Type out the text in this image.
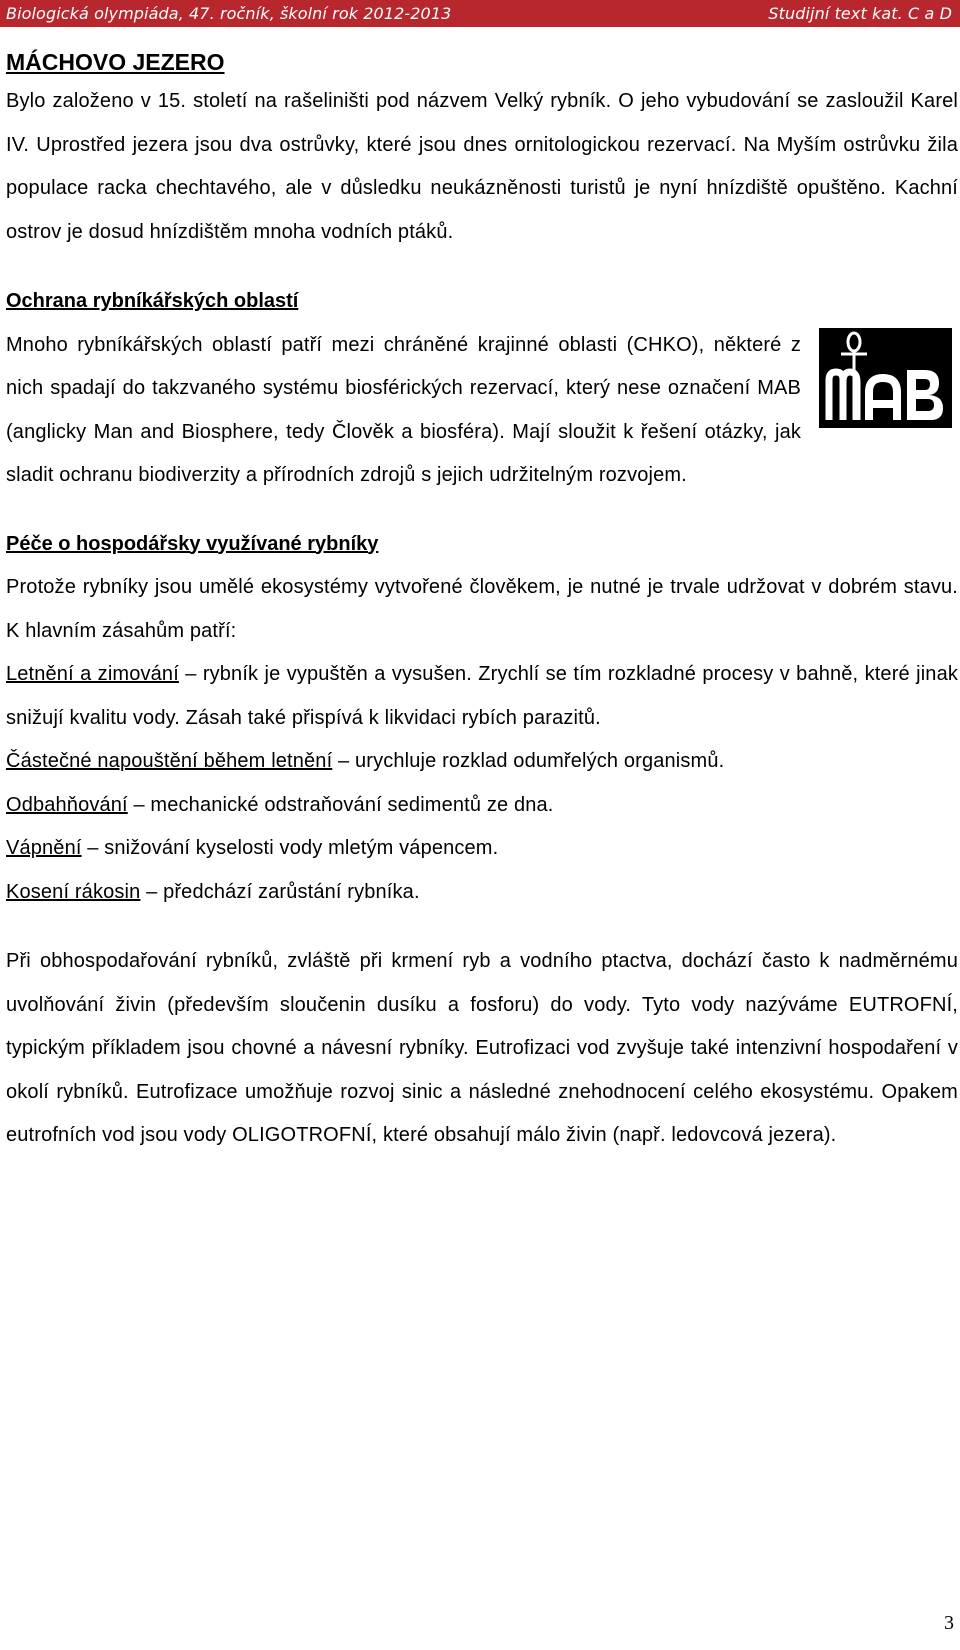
Biologická olympiáda, 47. ročník, školní rok 2012-2013	Studijní text kat. C a D
MÁCHOVO JEZERO

Bylo založeno v 15. století na rašeliništi pod názvem Velký rybník. O jeho vybudování se zasloužil Karel IV. Uprostřed jezera jsou dva ostrůvky, které jsou dnes ornitologickou rezervací. Na Myším ostrůvku žila populace racka chechtavého, ale v důsledku neukázněnosti turistů je nyní hnízdiště opuštěno. Kachní ostrov je dosud hnízdištěm mnoha vodních ptáků.

Ochrana rybníkářských oblastí

Mnoho rybníkářských oblastí patří mezi chráněné krajinné oblasti (CHKO), některé z nich spadají do takzvaného systému biosférických rezervací, který nese označení MAB (anglicky Man and Biosphere, tedy Člověk a biosféra). Mají sloužit k řešení otázky, jak sladit ochranu biodiverzity a přírodních zdrojů s jejich udržitelným rozvojem.

Péče o hospodářsky využívané rybníky

Protože rybníky jsou umělé ekosystémy vytvořené člověkem, je nutné je trvale udržovat v dobrém stavu. K hlavním zásahům patří:

Letnění a zimování – rybník je vypuštěn a vysušen. Zrychlí se tím rozkladné procesy v bahně, které jinak snižují kvalitu vody. Zásah také přispívá k likvidaci rybích parazitů.

Částečné napouštění během letnění – urychluje rozklad odumřelých organismů.

Odbahňování – mechanické odstraňování sedimentů ze dna.

Vápnění – snižování kyselosti vody mletým vápencem.

Kosení rákosin – předchází zarůstání rybníka.

Při obhospodařování rybníků, zvláště při krmení ryb a vodního ptactva, dochází často k nadměrnému uvolňování živin (především sloučenin dusíku a fosforu) do vody. Tyto vody nazýváme EUTROFNÍ, typickým příkladem jsou chovné a návesní rybníky. Eutrofizaci vod zvyšuje také intenzivní hospodaření v okolí rybníků. Eutrofizace umožňuje rozvoj sinic a následné znehodnocení celého ekosystému. Opakem eutrofních vod jsou vody OLIGOTROFNÍ, které obsahují málo živin (např. ledovcová jezera).

3
